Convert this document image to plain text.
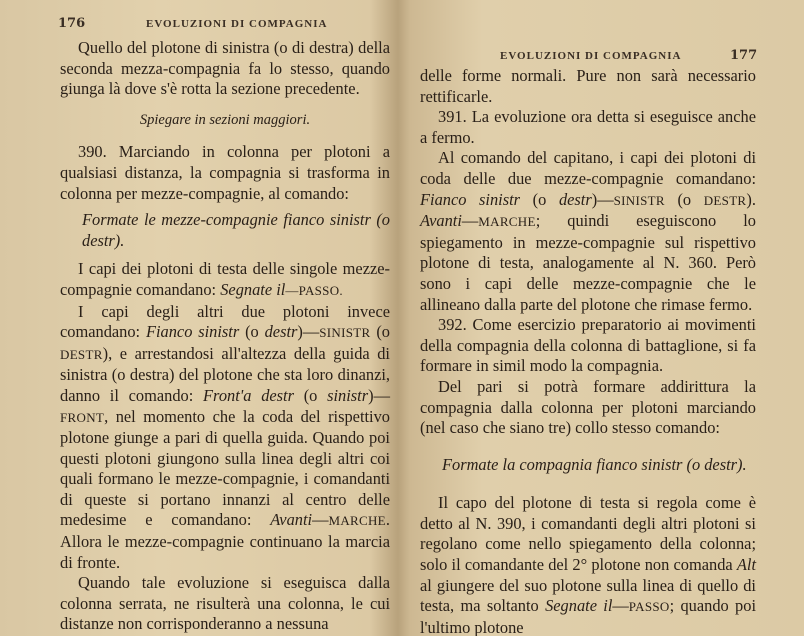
176	EVOLUZIONI DI COMPAGNIA

Quello del plotone di sinistra (o di destra) della seconda mezza-compagnia fa lo stesso, quando giunga là dove s'è rotta la sezione precedente.

Spiegare in sezioni maggiori.

390. Marciando in colonna per plotoni a qualsiasi distanza, la compagnia si trasforma in colonna per mezze-compagnie, al comando:

Formate le mezze-compagnie fianco sinistr (o destr).

I capi dei plotoni di testa delle singole mezze-compagnie comandano: Segnate il—PASSO.

I capi degli altri due plotoni invece comandano: Fianco sinistr (o destr)—SINISTR (o DESTR), e arrestandosi all'altezza della guida di sinistra (o destra) del plotone che sta loro dinanzi, danno il comando: Front'a destr (o sinistr)—FRONT, nel momento che la coda del rispettivo plotone giunge a pari di quella guida. Quando poi questi plotoni giungono sulla linea degli altri coi quali formano le mezze-compagnie, i comandanti di queste si portano innanzi al centro delle medesime e comandano: Avanti—MARCHE. Allora le mezze-compagnie continuano la marcia di fronte.

Quando tale evoluzione si eseguisca dalla colonna serrata, ne risulterà una colonna, le cui distanze non corrisponderanno a nessuna

EVOLUZIONI DI COMPAGNIA	177

delle forme normali. Pure non sarà necessario rettificarle.

391. La evoluzione ora detta si eseguisce anche a fermo.

Al comando del capitano, i capi dei plotoni di coda delle due mezze-compagnie comandano: Fianco sinistr (o destr)—SINISTR (o DESTR). Avanti—MARCHE; quindi eseguiscono lo spiegamento in mezze-compagnie sul rispettivo plotone di testa, analogamente al N. 360. Però sono i capi delle mezze-compagnie che le allineano dalla parte del plotone che rimase fermo.

392. Come esercizio preparatorio ai movimenti della compagnia della colonna di battaglione, si fa formare in simil modo la compagnia.

Del pari si potrà formare addirittura la compagnia dalla colonna per plotoni marciando (nel caso che siano tre) collo stesso comando:

Formate la compagnia fianco sinistr (o destr).

Il capo del plotone di testa si regola come è detto al N. 390, i comandanti degli altri plotoni si regolano come nello spiegamento della colonna; solo il comandante del 2° plotone non comanda Alt al giungere del suo plotone sulla linea di quello di testa, ma soltanto Segnate il—PASSO; quando poi l'ultimo plotone
